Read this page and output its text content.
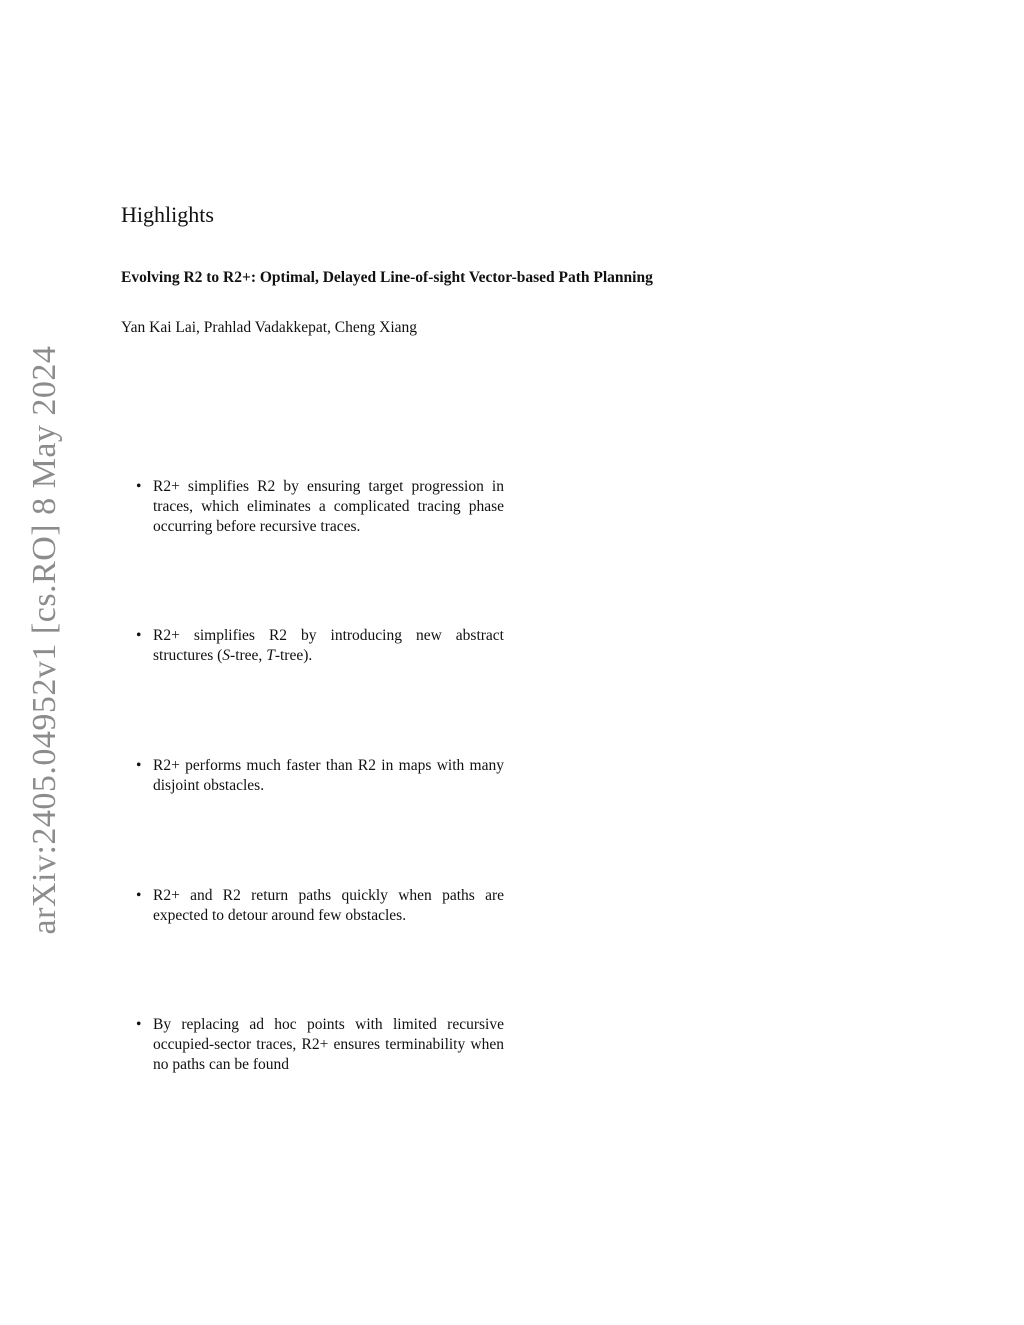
arXiv:2405.04952v1 [cs.RO] 8 May 2024
Highlights
Evolving R2 to R2+: Optimal, Delayed Line-of-sight Vector-based Path Planning

Yan Kai Lai, Prahlad Vadakkepat, Cheng Xiang

• R2+ simplifies R2 by ensuring target progression in traces, which eliminates a complicated tracing phase occurring before recursive traces.
• R2+ simplifies R2 by introducing new abstract structures (S-tree, T-tree).
• R2+ performs much faster than R2 in maps with many disjoint obstacles.
• R2+ and R2 return paths quickly when paths are expected to detour around few obstacles.
• By replacing ad hoc points with limited recursive occupied-sector traces, R2+ ensures terminability when no paths can be found
